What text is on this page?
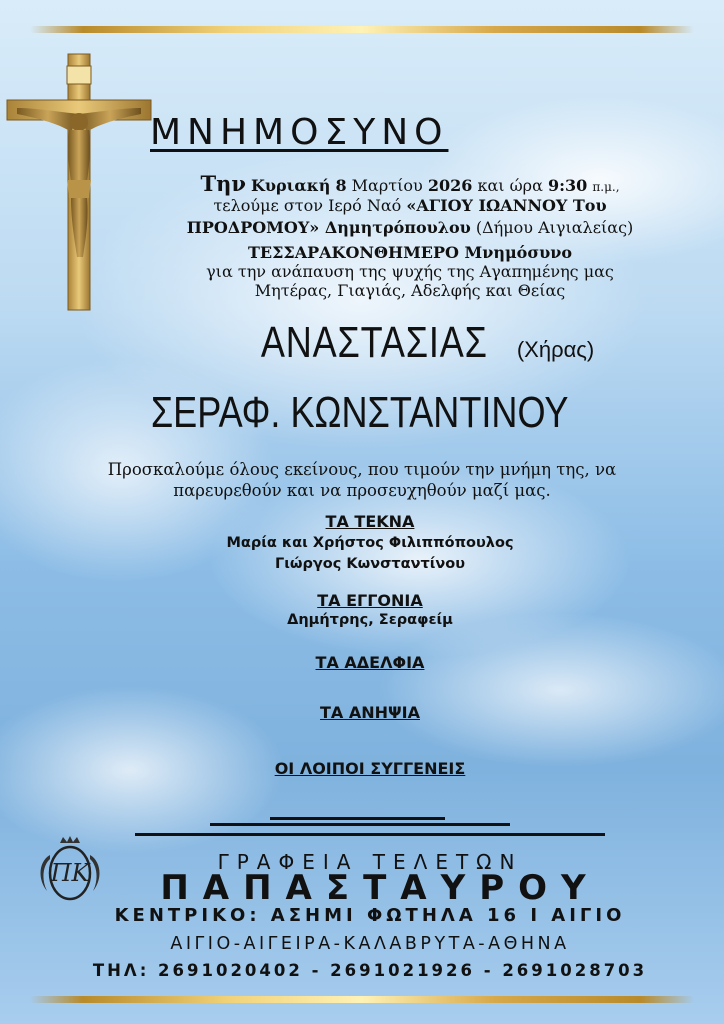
ΜΝΗΜΟΣΥΝΟ
Την Κυριακή 8 Μαρτίου 2026 και ώρα 9:30 π.μ.,
τελούμε στον Ιερό Ναό «ΑΓΙΟΥ ΙΩΑΝΝΟΥ Του
ΠΡΟΔΡΟΜΟΥ» Δημητρόπουλου (Δήμου Αιγιαλείας)
ΤΕΣΣΑΡΑΚΟΝΘΗΜΕΡΟ Μνημόσυνο
για την ανάπαυση της ψυχής της Αγαπημένης μας
Μητέρας, Γιαγιάς, Αδελφής και Θείας
ΑΝΑΣΤΑΣΙΑΣ (Χήρας)
ΣΕΡΑΦ. ΚΩΝΣΤΑΝΤΙΝΟΥ
Προσκαλούμε όλους εκείνους, που τιμούν την μνήμη της, να
παρευρεθούν και να προσευχηθούν μαζί μας.
ΤΑ ΤΕΚΝΑ
Μαρία και Χρήστος Φιλιππόπουλος
Γιώργος Κωνσταντίνου
ΤΑ ΕΓΓΟΝΙΑ
Δημήτρης, Σεραφείμ
ΤΑ ΑΔΕΛΦΙΑ
ΤΑ ΑΝΗΨΙΑ
ΟΙ ΛΟΙΠΟΙ ΣΥΓΓΕΝΕΙΣ
ΠΚ	ΓΡΑΦΕΙΑ ΤΕΛΕΤΩΝ
ΠΑΠΑΣΤΑΥΡΟΥ
ΚΕΝΤΡΙΚΟ: ΑΣΗΜΙ ΦΩΤΗΛΑ 16 Ι ΑΙΓΙΟ
ΑΙΓΙΟ-ΑΙΓΕΙΡΑ-ΚΑΛΑΒΡΥΤΑ-ΑΘΗΝΑ
ΤΗΛ: 2691020402 - 2691021926 - 2691028703
